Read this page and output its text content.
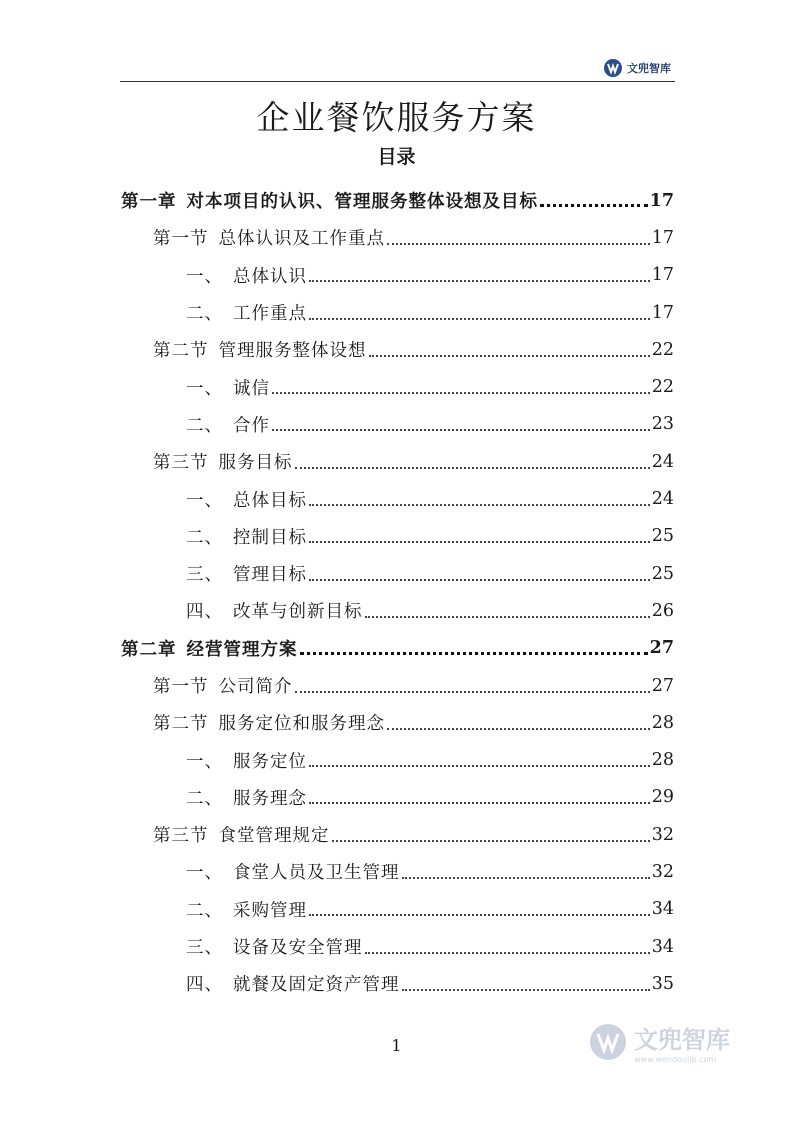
文兜智库
企业餐饮服务方案
目录
第一章 对本项目的认识、管理服务整体设想及目标	17
第一节 总体认识及工作重点	17
一、 总体认识	17
二、 工作重点	17
第二节 管理服务整体设想	22
一、 诚信	22
二、 合作	23
第三节 服务目标	24
一、 总体目标	24
二、 控制目标	25
三、 管理目标	25
四、 改革与创新目标	26
第二章 经营管理方案	27
第一节 公司简介	27
第二节 服务定位和服务理念	28
一、 服务定位	28
二、 服务理念	29
第三节 食堂管理规定	32
一、 食堂人员及卫生管理	32
二、 采购管理	34
三、 设备及安全管理	34
四、 就餐及固定资产管理	35
1	文兜智库
www.wendoulib.com
